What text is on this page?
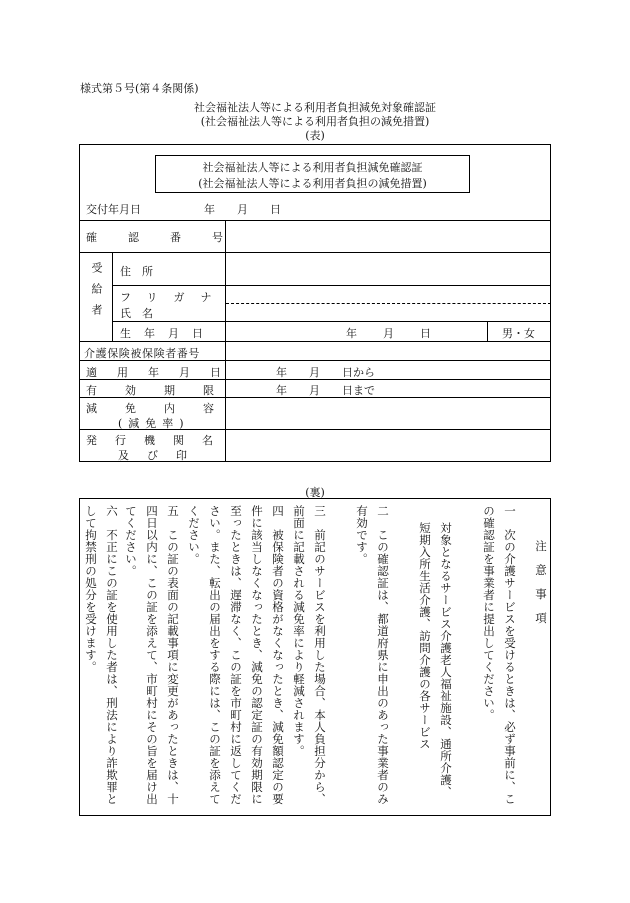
様式第５号(第４条関係)
社会福祉法人等による利用者負担減免対象確認証
(社会福祉法人等による利用者負担の減免措置)
(表)
社会福祉法人等による利用者負担減免確認証
(社会福祉法人等による利用者負担の減免措置)
交付年月日	年 月 日
確　認　番　号
受給者 住　所
フリガナ
氏　名
生年月日	年 月 日	男・女
介護保険被保険者番号
適用年月日	年　　月　　日から
有効期限	年　　月　　日まで
減免内容
(減免率)
発行機関名
及び印
(裏)
注　意　事　項
一　次の介護サービスを受けるときは、必ず事前に、この確認証を事業者に提出してください。
対象となるサービス介護老人福祉施設、通所介護、短期入所生活介護、訪問介護の各サービス
二　この確認証は、都道府県に申出のあった事業者のみ有効です。
三　前記のサービスを利用した場合、本人負担分から、前面に記載される減免率により軽減されます。
四　被保険者の資格がなくなったとき、減免額認定の要件に該当しなくなったとき、減免の認定証の有効期限に至ったときは、遅滞なく、この証を市町村に返してください。また、転出の届出をする際には、この証を添えてください。
五　この証の表面の記載事項に変更があったときは、十四日以内に、この証を添えて、市町村にその旨を届け出てください。
六　不正にこの証を使用した者は、刑法により詐欺罪として拘禁刑の処分を受けます。
